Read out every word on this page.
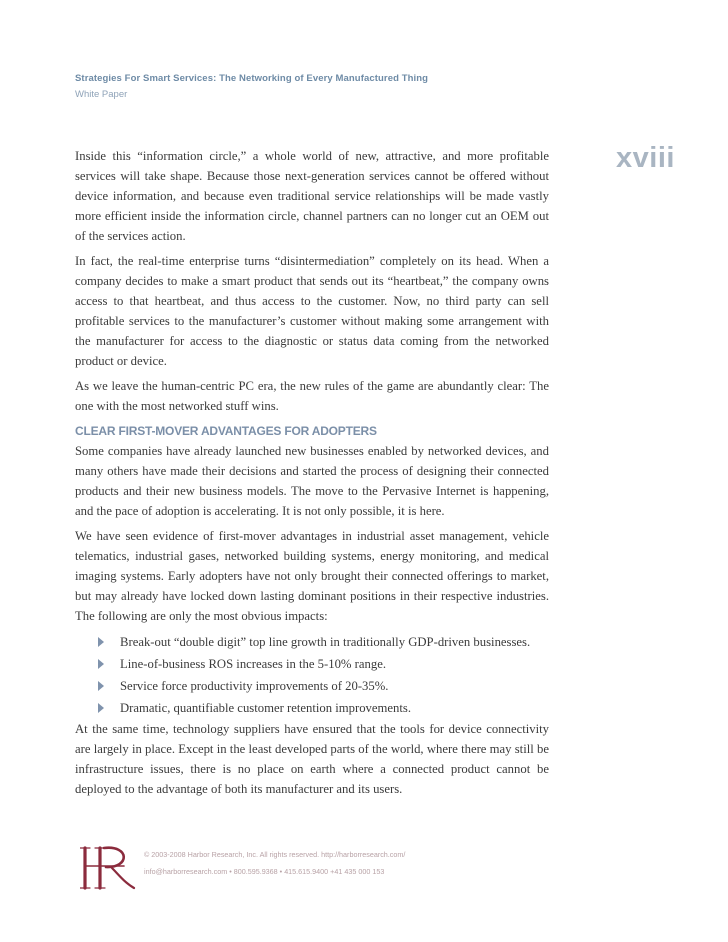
Strategies For Smart Services: The Networking of Every Manufactured Thing
White Paper
xviii

Inside this “information circle,” a whole world of new, attractive, and more profitable services will take shape. Because those next-generation services cannot be offered without device information, and because even traditional service relationships will be made vastly more efficient inside the information circle, channel partners can no longer cut an OEM out of the services action.

In fact, the real-time enterprise turns “disintermediation” completely on its head. When a company decides to make a smart product that sends out its “heartbeat,” the company owns access to that heartbeat, and thus access to the customer. Now, no third party can sell profitable services to the manufacturer’s customer without making some arrangement with the manufacturer for access to the diagnostic or status data coming from the networked product or device.

As we leave the human-centric PC era, the new rules of the game are abundantly clear: The one with the most networked stuff wins.

CLEAR FIRST-MOVER ADVANTAGES FOR ADOPTERS

Some companies have already launched new businesses enabled by networked devices, and many others have made their decisions and started the process of designing their connected products and their new business models. The move to the Pervasive Internet is happening, and the pace of adoption is accelerating. It is not only possible, it is here.

We have seen evidence of first-mover advantages in industrial asset management, vehicle telematics, industrial gases, networked building systems, energy monitoring, and medical imaging systems. Early adopters have not only brought their connected offerings to market, but may already have locked down lasting dominant positions in their respective industries. The following are only the most obvious impacts:

Break-out “double digit” top line growth in traditionally GDP-driven businesses.
Line-of-business ROS increases in the 5-10% range.
Service force productivity improvements of 20-35%.
Dramatic, quantifiable customer retention improvements.

At the same time, technology suppliers have ensured that the tools for device connectivity are largely in place. Except in the least developed parts of the world, where there may still be infrastructure issues, there is no place on earth where a connected product cannot be deployed to the advantage of both its manufacturer and its users.

© 2003-2008 Harbor Research, Inc. All rights reserved. http://harborresearch.com/
info@harborresearch.com • 800.595.9368 • 415.615.9400 +41 435 000 153
